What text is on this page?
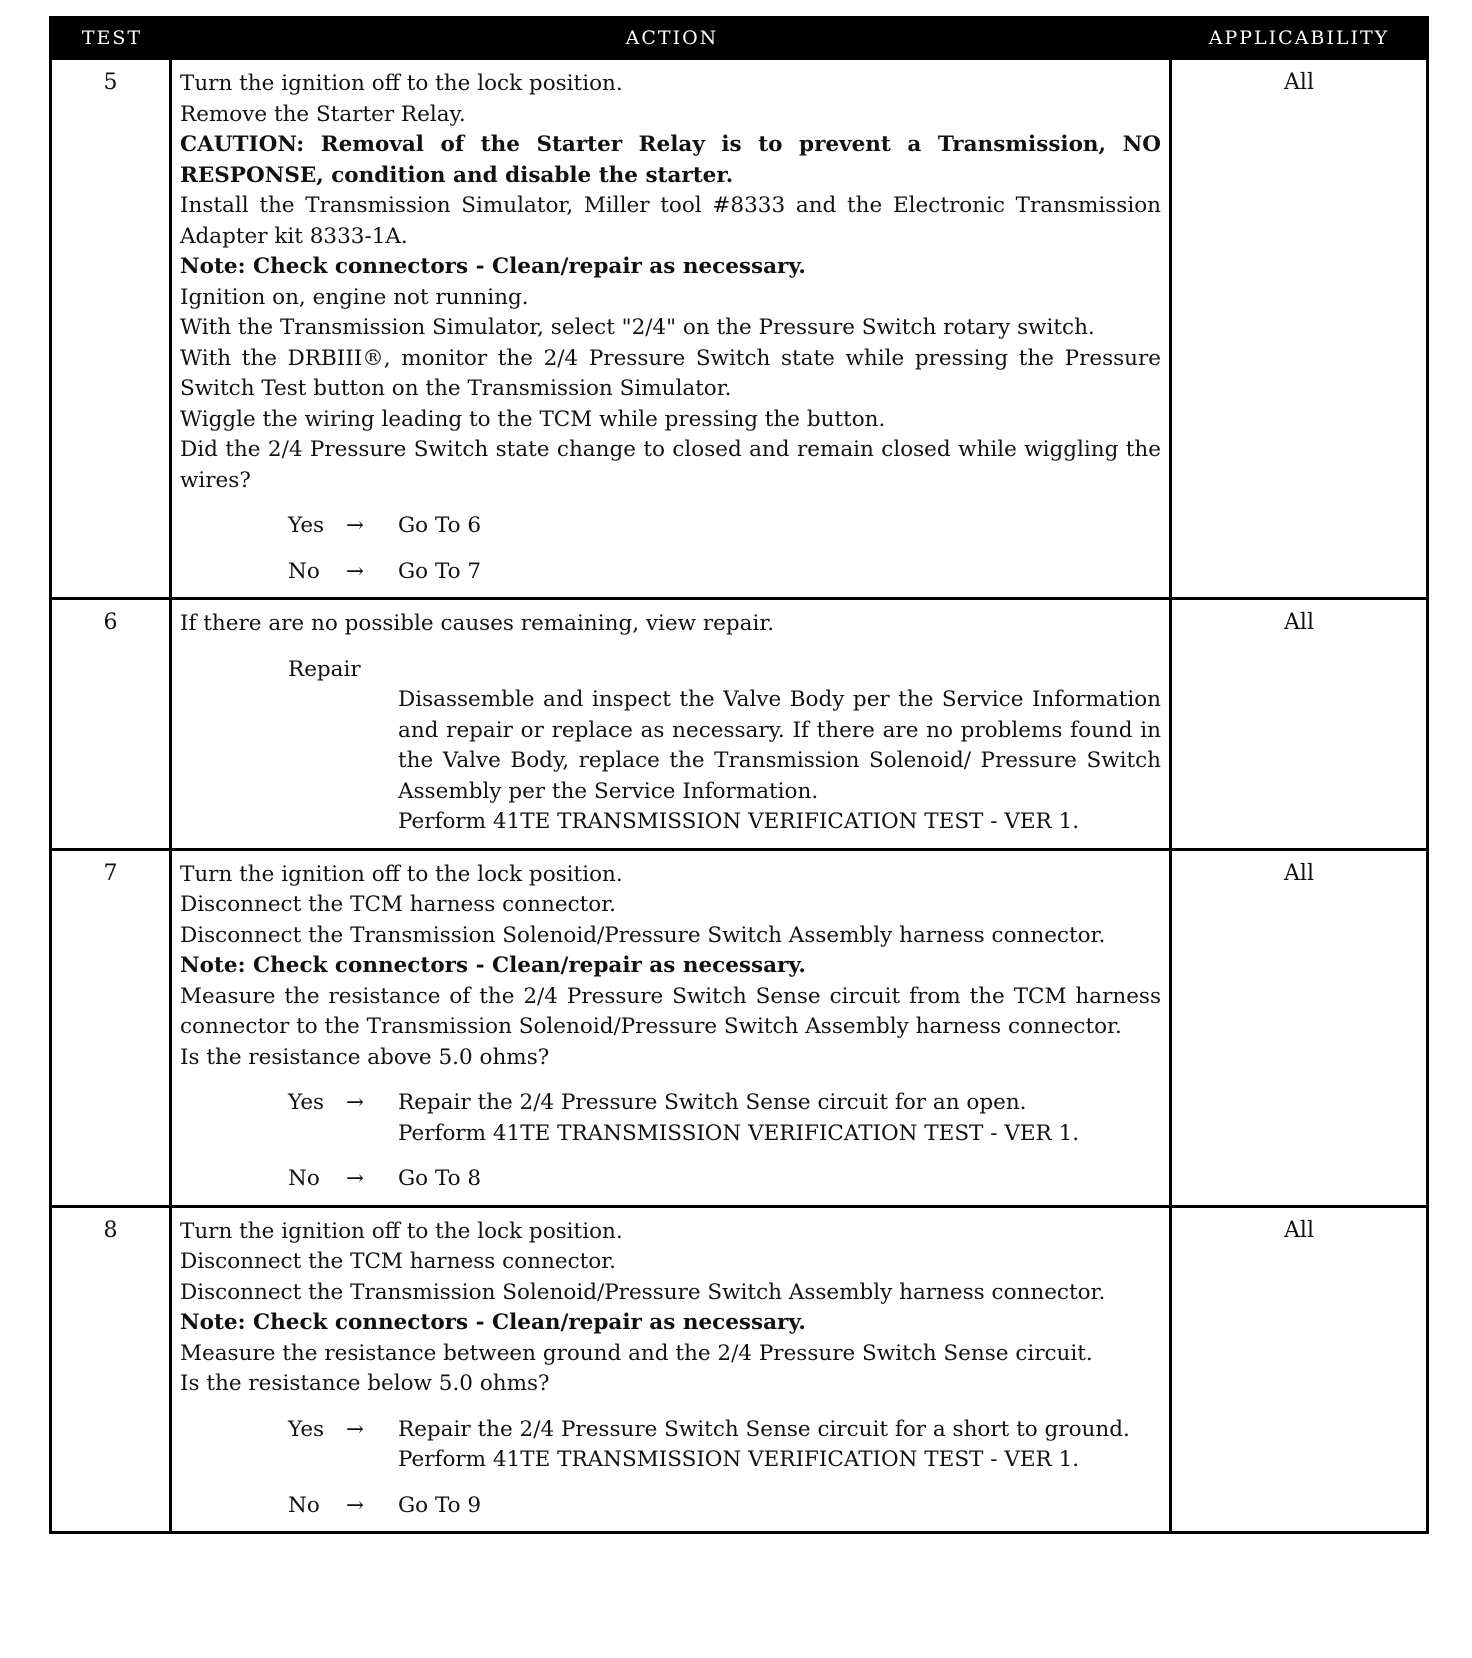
TEST	ACTION	APPLICABILITY
5	Turn the ignition off to the lock position.
Remove the Starter Relay.
CAUTION: Removal of the Starter Relay is to prevent a Transmission, NO RESPONSE, condition and disable the starter.
Install the Transmission Simulator, Miller tool #8333 and the Electronic Transmission Adapter kit 8333-1A.
Note: Check connectors - Clean/repair as necessary.
Ignition on, engine not running.
With the Transmission Simulator, select "2/4" on the Pressure Switch rotary switch.
With the DRBIII®, monitor the 2/4 Pressure Switch state while pressing the Pressure Switch Test button on the Transmission Simulator.
Wiggle the wiring leading to the TCM while pressing the button.
Did the 2/4 Pressure Switch state change to closed and remain closed while wiggling the wires?
Yes	→	Go To 6
No	→	Go To 7
All
6	If there are no possible causes remaining, view repair.
Repair
Disassemble and inspect the Valve Body per the Service Information and repair or replace as necessary. If there are no problems found in the Valve Body, replace the Transmission Solenoid/ Pressure Switch Assembly per the Service Information.
Perform 41TE TRANSMISSION VERIFICATION TEST - VER 1.
All
7	Turn the ignition off to the lock position.
Disconnect the TCM harness connector.
Disconnect the Transmission Solenoid/Pressure Switch Assembly harness connector.
Note: Check connectors - Clean/repair as necessary.
Measure the resistance of the 2/4 Pressure Switch Sense circuit from the TCM harness connector to the Transmission Solenoid/Pressure Switch Assembly harness connector.
Is the resistance above 5.0 ohms?
Yes	→	Repair the 2/4 Pressure Switch Sense circuit for an open.
Perform 41TE TRANSMISSION VERIFICATION TEST - VER 1.
No	→	Go To 8
All
8	Turn the ignition off to the lock position.
Disconnect the TCM harness connector.
Disconnect the Transmission Solenoid/Pressure Switch Assembly harness connector.
Note: Check connectors - Clean/repair as necessary.
Measure the resistance between ground and the 2/4 Pressure Switch Sense circuit.
Is the resistance below 5.0 ohms?
Yes	→	Repair the 2/4 Pressure Switch Sense circuit for a short to ground.
Perform 41TE TRANSMISSION VERIFICATION TEST - VER 1.
No	→	Go To 9
All
